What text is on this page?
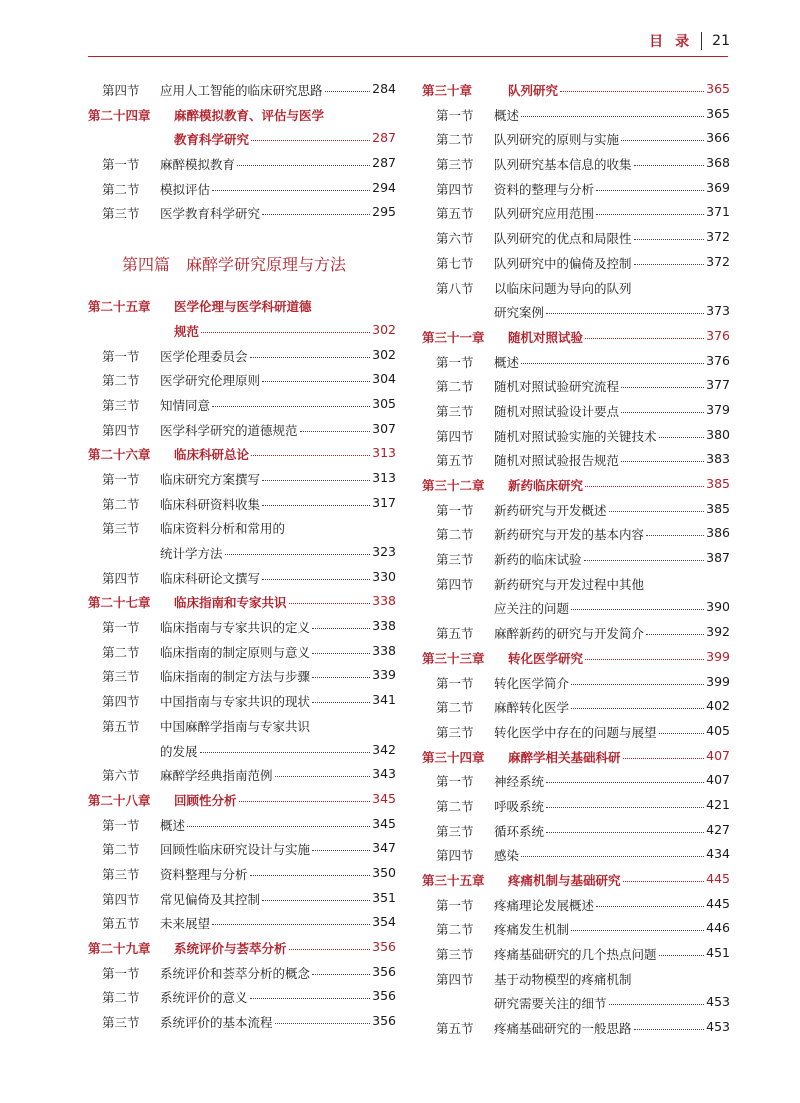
目录 21
第四节 应用人工智能的临床研究思路	284
第二十四章 麻醉模拟教育、评估与医学
教育科学研究	287
第一节 麻醉模拟教育	287
第二节 模拟评估	294
第三节 医学教育科学研究	295
第四篇　麻醉学研究原理与方法
第二十五章 医学伦理与医学科研道德
规范	302
第一节 医学伦理委员会	302
第二节 医学研究伦理原则	304
第三节 知情同意	305
第四节 医学科学研究的道德规范	307
第二十六章 临床科研总论	313
第一节 临床研究方案撰写	313
第二节 临床科研资料收集	317
第三节 临床资料分析和常用的
统计学方法	323
第四节 临床科研论文撰写	330
第二十七章 临床指南和专家共识	338
第一节 临床指南与专家共识的定义	338
第二节 临床指南的制定原则与意义	338
第三节 临床指南的制定方法与步骤	339
第四节 中国指南与专家共识的现状	341
第五节 中国麻醉学指南与专家共识
的发展	342
第六节 麻醉学经典指南范例	343
第二十八章 回顾性分析	345
第一节 概述	345
第二节 回顾性临床研究设计与实施	347
第三节 资料整理与分析	350
第四节 常见偏倚及其控制	351
第五节 未来展望	354
第二十九章 系统评价与荟萃分析	356
第一节 系统评价和荟萃分析的概念	356
第二节 系统评价的意义	356
第三节 系统评价的基本流程	356
第三十章	队列研究	365
第一节 概述	365
第二节 队列研究的原则与实施	366
第三节 队列研究基本信息的收集	368
第四节 资料的整理与分析	369
第五节 队列研究应用范围	371
第六节 队列研究的优点和局限性	372
第七节 队列研究中的偏倚及控制	372
第八节 以临床问题为导向的队列
研究案例	373
第三十一章 随机对照试验	376
第一节 概述	376
第二节 随机对照试验研究流程	377
第三节 随机对照试验设计要点	379
第四节 随机对照试验实施的关键技术	380
第五节 随机对照试验报告规范	383
第三十二章 新药临床研究	385
第一节 新药研究与开发概述	385
第二节 新药研究与开发的基本内容	386
第三节 新药的临床试验	387
第四节 新药研究与开发过程中其他
应关注的问题	390
第五节 麻醉新药的研究与开发简介	392
第三十三章 转化医学研究	399
第一节 转化医学简介	399
第二节 麻醉转化医学	402
第三节 转化医学中存在的问题与展望	405
第三十四章 麻醉学相关基础科研	407
第一节 神经系统	407
第二节 呼吸系统	421
第三节 循环系统	427
第四节 感染	434
第三十五章 疼痛机制与基础研究	445
第一节 疼痛理论发展概述	445
第二节 疼痛发生机制	446
第三节 疼痛基础研究的几个热点问题	451
第四节 基于动物模型的疼痛机制
研究需要关注的细节	453
第五节 疼痛基础研究的一般思路	453
